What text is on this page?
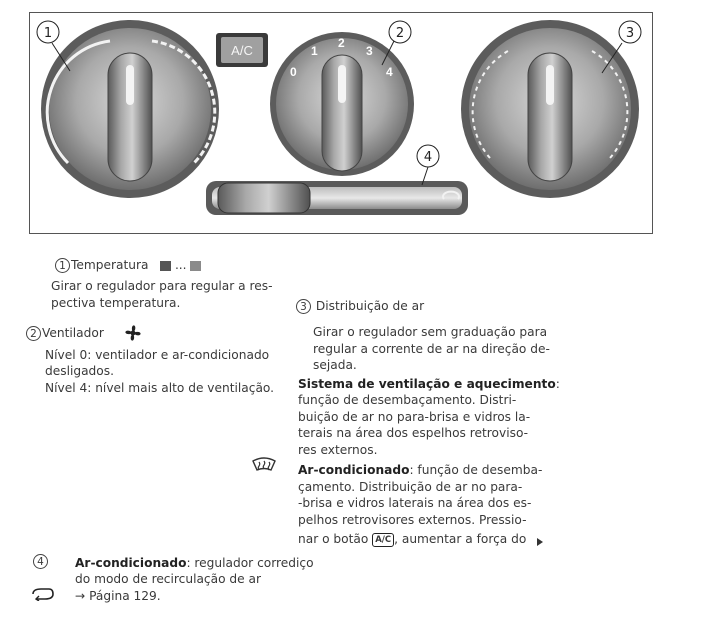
A/C
0
1
2
3
4
1	2	3
4
1 Temperatura ...
Girar o regulador para regular a res-
pectiva temperatura.
2 Ventilador
Nível 0: ventilador e ar-condicionado
desligados.
Nível 4: nível mais alto de ventilação.
3 Distribuição de ar
Girar o regulador sem graduação para
regular a corrente de ar na direção de-
sejada.
Sistema de ventilação e aquecimento:
função de desembaçamento. Distri-
buição de ar no para-brisa e vidros la-
terais na área dos espelhos retroviso-
res externos.
Ar-condicionado: função de desemba-
çamento. Distribuição de ar no para-
-brisa e vidros laterais na área dos es-
pelhos retrovisores externos. Pressio-
nar o botão A/C , aumentar a força do
4	Ar-condicionado: regulador corrediço
do modo de recirculação de ar
→ Página 129.
